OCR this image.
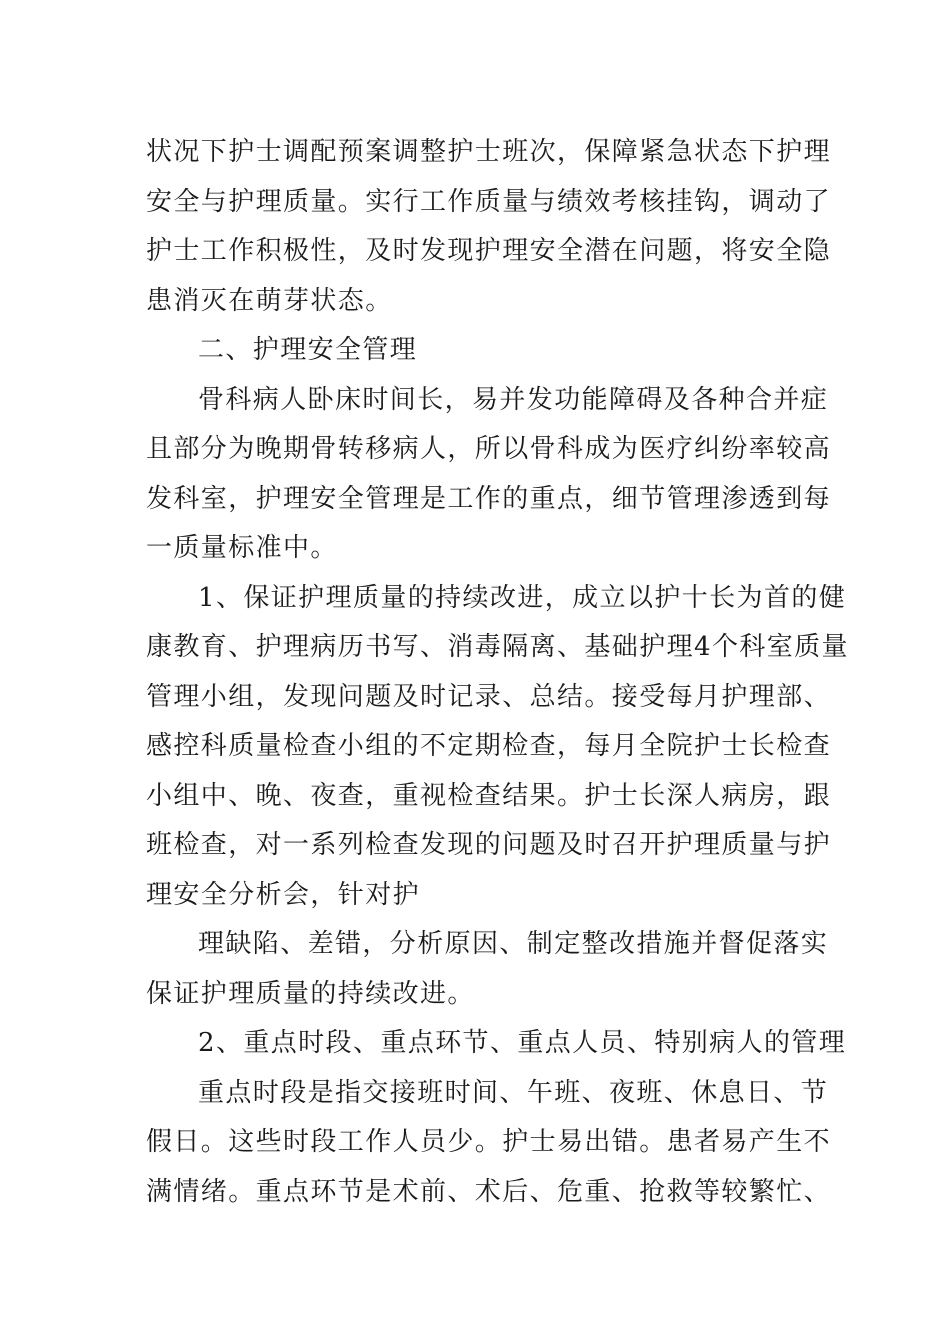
状况下护士调配预案调整护士班次，保障紧急状态下护理
安全与护理质量。实行工作质量与绩效考核挂钩，调动了
护士工作积极性，及时发现护理安全潜在问题，将安全隐
患消灭在萌芽状态。
二、护理安全管理
骨科病人卧床时间长，易并发功能障碍及各种合并症
且部分为晚期骨转移病人，所以骨科成为医疗纠纷率较高
发科室，护理安全管理是工作的重点，细节管理渗透到每
一质量标准中。
1、保证护理质量的持续改进，成立以护十长为首的健
康教育、护理病历书写、消毒隔离、基础护理4个科室质量
管理小组，发现问题及时记录、总结。接受每月护理部、
感控科质量检查小组的不定期检查，每月全院护士长检查
小组中、晚、夜查，重视检查结果。护士长深人病房，跟
班检查，对一系列检查发现的问题及时召开护理质量与护
理安全分析会，针对护
理缺陷、差错，分析原因、制定整改措施并督促落实
保证护理质量的持续改进。
2、重点时段、重点环节、重点人员、特别病人的管理
重点时段是指交接班时间、午班、夜班、休息日、节
假日。这些时段工作人员少。护士易出错。患者易产生不
满情绪。重点环节是术前、术后、危重、抢救等较繁忙、
